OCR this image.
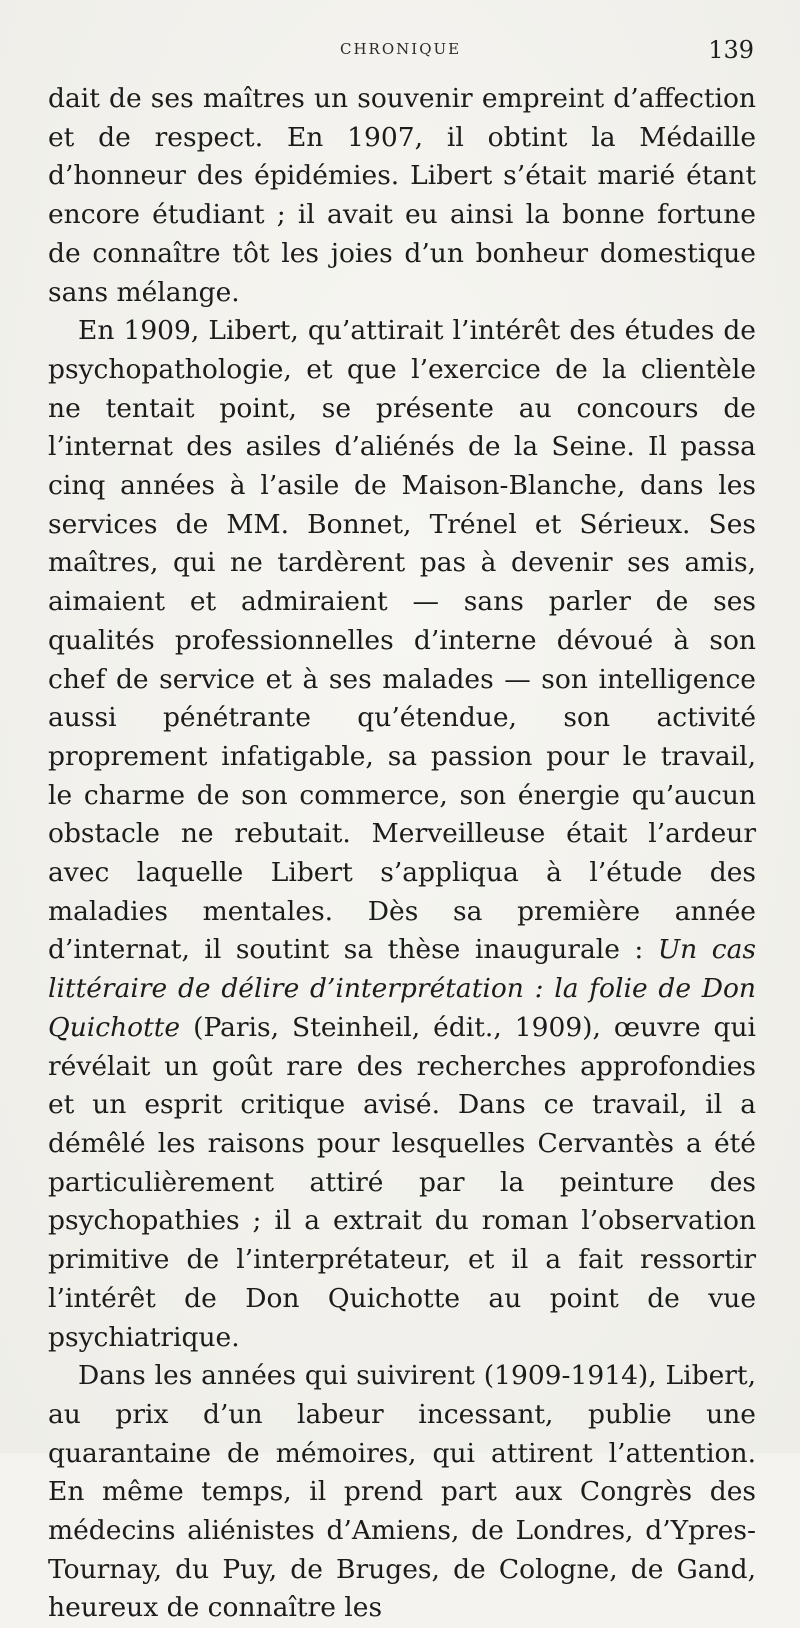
CHRONIQUE	139

dait de ses maîtres un souvenir empreint d’affection et de respect. En 1907, il obtint la Médaille d’honneur des épidémies. Libert s’était marié étant encore étudiant ; il avait eu ainsi la bonne fortune de connaître tôt les joies d’un bonheur domestique sans mélange.

En 1909, Libert, qu’attirait l’intérêt des études de psychopathologie, et que l’exercice de la clientèle ne tentait point, se présente au concours de l’internat des asiles d’aliénés de la Seine. Il passa cinq années à l’asile de Maison-Blanche, dans les services de MM. Bonnet, Trénel et Sérieux. Ses maîtres, qui ne tardèrent pas à devenir ses amis, aimaient et admiraient — sans parler de ses qualités professionnelles d’interne dévoué à son chef de service et à ses malades — son intelligence aussi pénétrante qu’étendue, son activité proprement infatigable, sa passion pour le travail, le charme de son commerce, son énergie qu’aucun obstacle ne rebutait. Merveilleuse était l’ardeur avec laquelle Libert s’appliqua à l’étude des maladies mentales. Dès sa première année d’internat, il soutint sa thèse inaugurale : Un cas littéraire de délire d’interprétation : la folie de Don Quichotte (Paris, Steinheil, édit., 1909), œuvre qui révélait un goût rare des recherches approfondies et un esprit critique avisé. Dans ce travail, il a démêlé les raisons pour lesquelles Cervantès a été particulièrement attiré par la peinture des psychopathies ; il a extrait du roman l’observation primitive de l’interprétateur, et il a fait ressortir l’intérêt de Don Quichotte au point de vue psychiatrique.

Dans les années qui suivirent (1909-1914), Libert, au prix d’un labeur incessant, publie une quarantaine de mémoires, qui attirent l’attention. En même temps, il prend part aux Congrès des médecins aliénistes d’Amiens, de Londres, d’Ypres-Tournay, du Puy, de Bruges, de Cologne, de Gand, heureux de connaître les
